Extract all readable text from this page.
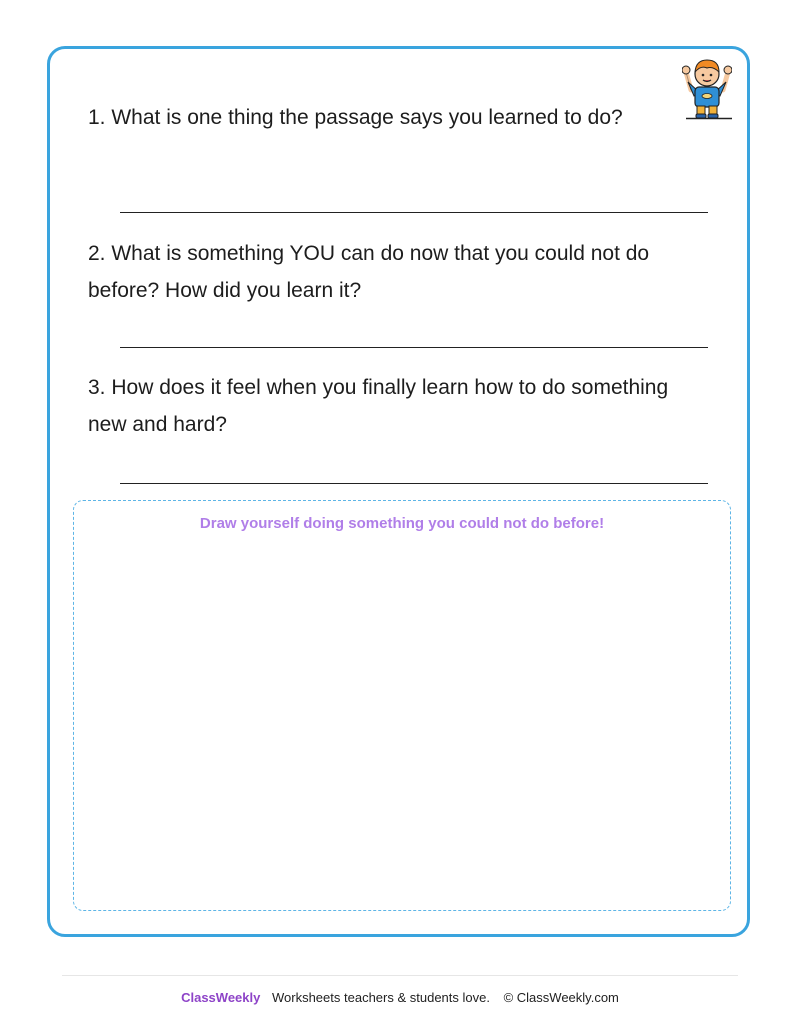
1. What is one thing the passage says you learned to do?

2. What is something YOU can do now that you could not do before? How did you learn it?

3. How does it feel when you finally learn how to do something new and hard?

Draw yourself doing something you could not do before!

ClassWeekly Worksheets teachers & students love. © ClassWeekly.com
